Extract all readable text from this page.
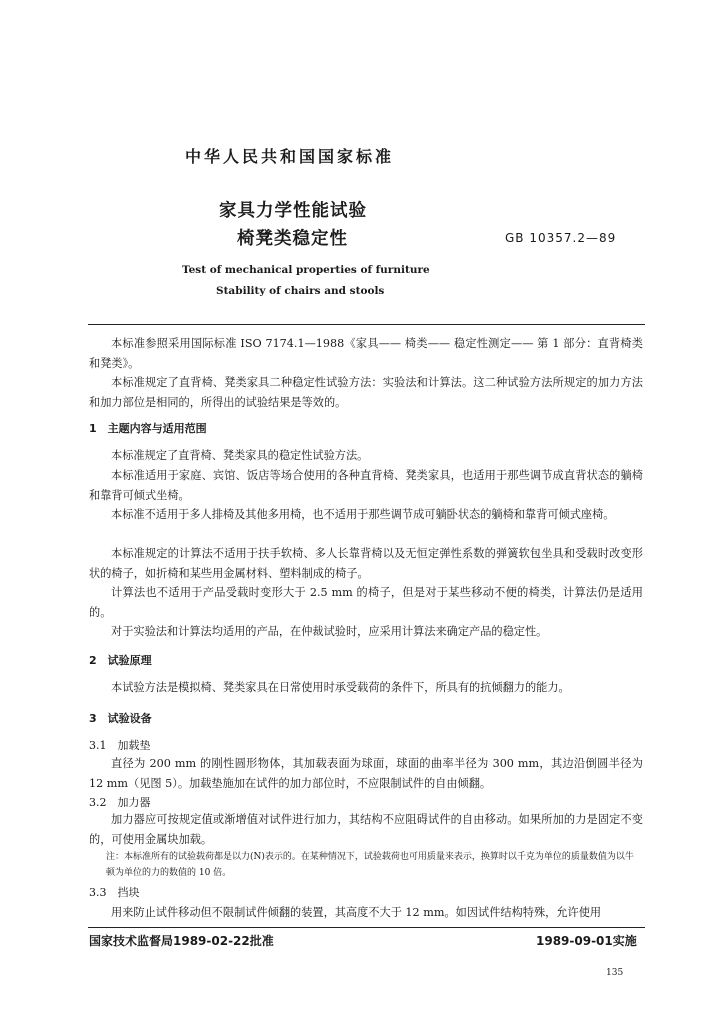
中华人民共和国国家标准
家具力学性能试验
椅凳类稳定性	GB 10357.2—89
Test of mechanical properties of furniture
Stability of chairs and stools
本标准参照采用国际标准 ISO 7174.1—1988《家具—— 椅类—— 稳定性测定—— 第 1 部分：直背椅类和凳类》。
本标准规定了直背椅、凳类家具二种稳定性试验方法：实验法和计算法。这二种试验方法所规定的加力方法和加力部位是相同的，所得出的试验结果是等效的。
1　主题内容与适用范围
本标准规定了直背椅、凳类家具的稳定性试验方法。
本标准适用于家庭、宾馆、饭店等场合使用的各种直背椅、凳类家具，也适用于那些调节成直背状态的躺椅和靠背可倾式坐椅。
本标准不适用于多人排椅及其他多用椅，也不适用于那些调节成可躺卧状态的躺椅和靠背可倾式座椅。
本标准规定的计算法不适用于扶手软椅、多人长靠背椅以及无恒定弹性系数的弹簧软包坐具和受载时改变形状的椅子，如折椅和某些用金属材料、塑料制成的椅子。
计算法也不适用于产品受载时变形大于 2.5 mm 的椅子，但是对于某些移动不便的椅类，计算法仍是适用的。
对于实验法和计算法均适用的产品，在仲裁试验时，应采用计算法来确定产品的稳定性。
2　试验原理
本试验方法是模拟椅、凳类家具在日常使用时承受载荷的条件下，所具有的抗倾翻力的能力。
3　试验设备
3.1　加载垫
直径为 200 mm 的刚性圆形物体，其加载表面为球面，球面的曲率半径为 300 mm，其边沿倒圆半径为 12 mm（见图 5）。加载垫施加在试件的加力部位时，不应限制试件的自由倾翻。
3.2　加力器
加力器应可按规定值或渐增值对试件进行加力，其结构不应阻碍试件的自由移动。如果所加的力是固定不变的，可使用金属块加载。
注：本标准所有的试验载荷都是以力(N)表示的。在某种情况下，试验载荷也可用质量来表示，换算时以千克为单位的质量数值为以牛顿为单位的力的数值的 10 倍。
3.3　挡块
用来防止试件移动但不限制试件倾翻的装置，其高度不大于 12 mm。如因试件结构特殊，允许使用
国家技术监督局1989-02-22批准	1989-09-01实施
135
